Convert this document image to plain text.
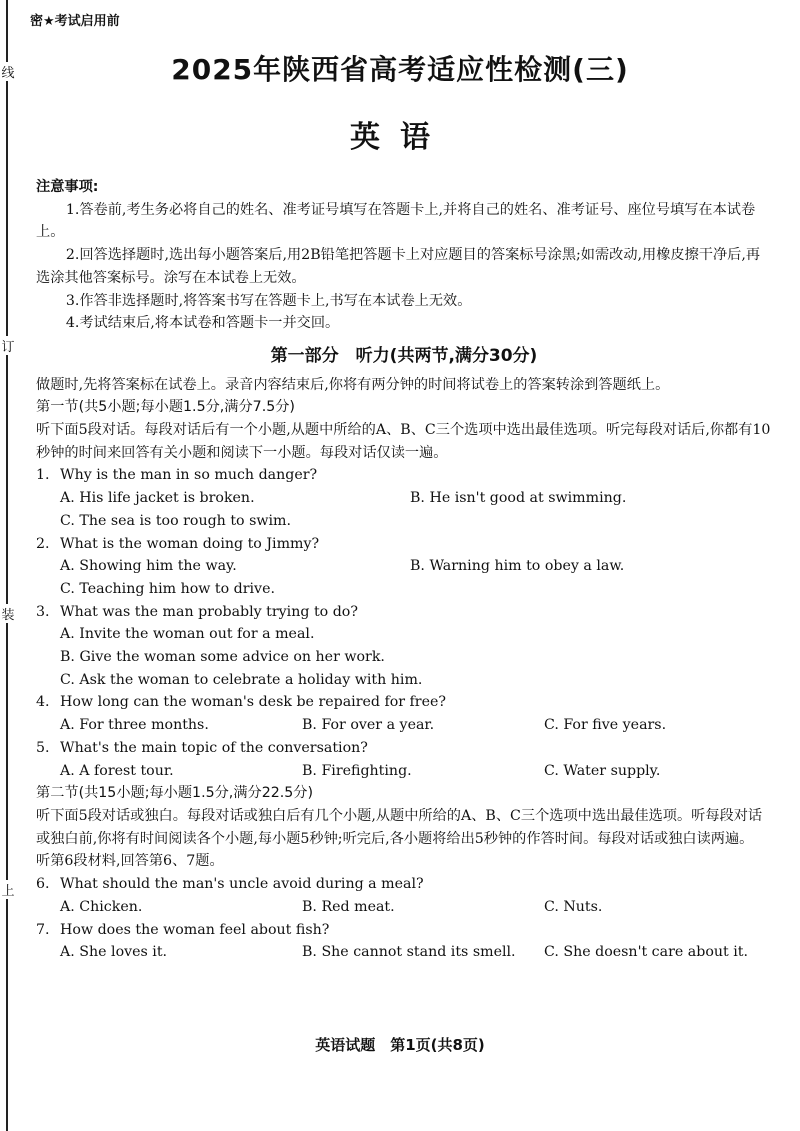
线
订
装
上
密★考试启用前
2025年陕西省高考适应性检测(三)
英语
注意事项:
1.答卷前,考生务必将自己的姓名、准考证号填写在答题卡上,并将自己的姓名、准考证号、座位号填写在本试卷上。
2.回答选择题时,选出每小题答案后,用2B铅笔把答题卡上对应题目的答案标号涂黑;如需改动,用橡皮擦干净后,再选涂其他答案标号。涂写在本试卷上无效。
3.作答非选择题时,将答案书写在答题卡上,书写在本试卷上无效。
4.考试结束后,将本试卷和答题卡一并交回。
第一部分　听力(共两节,满分30分)
做题时,先将答案标在试卷上。录音内容结束后,你将有两分钟的时间将试卷上的答案转涂到答题纸上。
第一节(共5小题;每小题1.5分,满分7.5分)
听下面5段对话。每段对话后有一个小题,从题中所给的A、B、C三个选项中选出最佳选项。听完每段对话后,你都有10秒钟的时间来回答有关小题和阅读下一小题。每段对话仅读一遍。
1. Why is the man in so much danger?
A. His life jacket is broken.	B. He isn't good at swimming.
C. The sea is too rough to swim.
2. What is the woman doing to Jimmy?
A. Showing him the way.	B. Warning him to obey a law.
C. Teaching him how to drive.
3. What was the man probably trying to do?
A. Invite the woman out for a meal.
B. Give the woman some advice on her work.
C. Ask the woman to celebrate a holiday with him.
4. How long can the woman's desk be repaired for free?
A. For three months.	B. For over a year.	C. For five years.
5. What's the main topic of the conversation?
A. A forest tour.	B. Firefighting.	C. Water supply.
第二节(共15小题;每小题1.5分,满分22.5分)
听下面5段对话或独白。每段对话或独白后有几个小题,从题中所给的A、B、C三个选项中选出最佳选项。听每段对话或独白前,你将有时间阅读各个小题,每小题5秒钟;听完后,各小题将给出5秒钟的作答时间。每段对话或独白读两遍。
听第6段材料,回答第6、7题。
6. What should the man's uncle avoid during a meal?
A. Chicken.	B. Red meat.	C. Nuts.
7. How does the woman feel about fish?
A. She loves it.	B. She cannot stand its smell.	C. She doesn't care about it.
英语试题　第1页(共8页)
